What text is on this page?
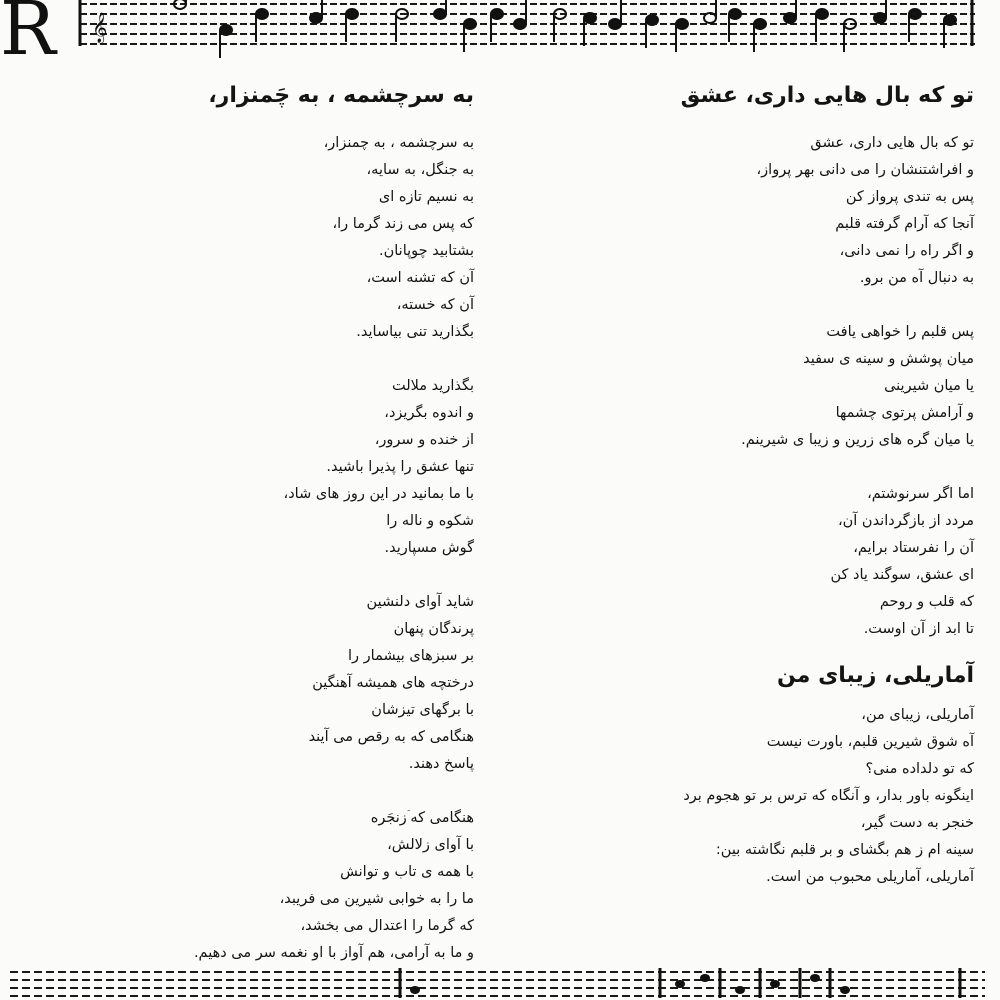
𝄞
R
تو که بال هایی داری، عشق
تو که بال هایی داری، عشق
و افراشتنشان را می دانی بهر پرواز،
پس به تندی پرواز کن
آنجا که آرام گرفته قلبم
و اگر راه را نمی دانی،
به دنبال آه من برو.
پس قلبم را خواهی یافت
میان پوشش و سینه ی سفید
یا میان شیرینی
و آرامش پرتوی چشمها
یا میان گره های زرین و زیبا ی شیرینم.
اما اگر سرنوشتم،
مردد از بازگرداندن آن،
آن را نفرستاد برایم،
ای عشق، سوگند یاد کن
که قلب و روحم
تا ابد از آن اوست.
آماریلی، زیبای من
آماریلی، زیبای من،
آه شوق شیرین قلبم، باورت نیست
که تو دلداده منی؟
اینگونه باور بدار، و آنگاه که ترس بر تو هجوم برد
خنجر به دست گیر،
سینه ام ز هم بگشای و بر قلبم نگاشته بین:
آماریلی، آماریلی محبوب من است.
به سرچشمه ، به چَمنزار،
به سرچشمه ، به چمنزار،
به جنگل، به سایه،
به نسیم تازه ای
که پس می زند گرما را،
بشتابید چوپانان.
آن که تشنه است،
آن که خسته،
بگذارید تنی بیاساید.
بگذارید ملالت
و اندوه بگریزد،
از خنده و سرور،
تنها عشق را پذیرا باشید.
با ما بمانید در این روز های شاد،
شکوه و ناله را
گوش مسپارید.
شاید آوای دلنشین
پرندگان پنهان
بر سبزهای بیشمار را
درختچه های همیشه آهنگین
با برگهای تیزشان
هنگامی که به رقص می آیند
پاسخ دهند.
هنگامی که ٙزنجَره
با آوای زلالش،
با همه ی تاب و توانش
ما را به خوابی شیرین می فریبد،
که گرما را اعتدال می بخشد،
و ما به آرامی، هم آواز با او نغمه سر می دهیم.
